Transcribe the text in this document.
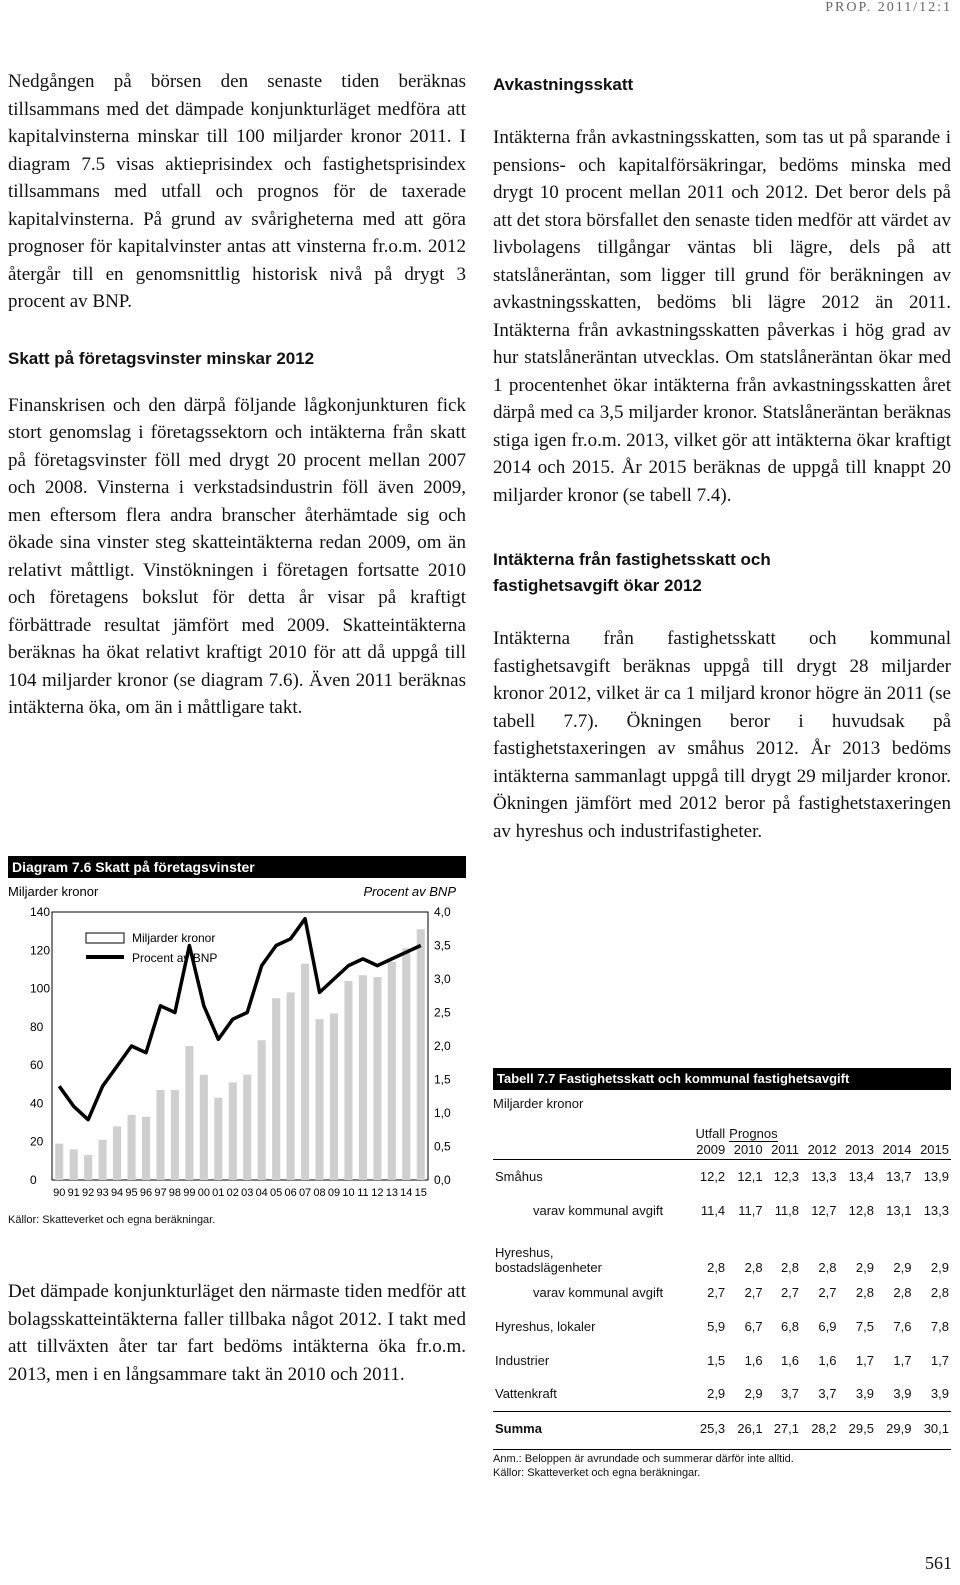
PROP. 2011/12:1

Nedgången på börsen den senaste tiden beräknas tillsammans med det dämpade konjunkturläget medföra att kapitalvinsterna minskar till 100 miljarder kronor 2011. I diagram 7.5 visas aktieprisindex och fastighetsprisindex tillsammans med utfall och prognos för de taxerade kapitalvinsterna. På grund av svårigheterna med att göra prognoser för kapitalvinster antas att vinsterna fr.o.m. 2012 återgår till en genomsnittlig historisk nivå på drygt 3 procent av BNP.

Skatt på företagsvinster minskar 2012

Finanskrisen och den därpå följande lågkonjunkturen fick stort genomslag i företagssektorn och intäkterna från skatt på företagsvinster föll med drygt 20 procent mellan 2007 och 2008. Vinsterna i verkstadsindustrin föll även 2009, men eftersom flera andra branscher återhämtade sig och ökade sina vinster steg skatteintäkterna redan 2009, om än relativt måttligt. Vinstökningen i företagen fortsatte 2010 och företagens bokslut för detta år visar på kraftigt förbättrade resultat jämfört med 2009. Skatteintäkterna beräknas ha ökat relativt kraftigt 2010 för att då uppgå till 104 miljarder kronor (se diagram 7.6). Även 2011 beräknas intäkterna öka, om än i måttligare takt.

Diagram 7.6 Skatt på företagsvinster
Miljarder kronor	Procent av BNP
0
20
40
60
80
100
120
140
0,0
0,5
1,0
1,5
2,0
2,5
3,0
3,5
4,0
90 91 92 93 94 95 96 97 98 99 00 01 02 03 04 05 06 07 08 09 10 11 12 13 14 15
Miljarder kronor
Procent av BNP
Källor: Skatteverket och egna beräkningar.

Det dämpade konjunkturläget den närmaste tiden medför att bolagsskatteintäkterna faller tillbaka något 2012. I takt med att tillväxten åter tar fart bedöms intäkterna öka fr.o.m. 2013, men i en långsammare takt än 2010 och 2011.

Avkastningsskatt

Intäkterna från avkastningsskatten, som tas ut på sparande i pensions- och kapitalförsäkringar, bedöms minska med drygt 10 procent mellan 2011 och 2012. Det beror dels på att det stora börsfallet den senaste tiden medför att värdet av livbolagens tillgångar väntas bli lägre, dels på att statslåneräntan, som ligger till grund för beräkningen av avkastningsskatten, bedöms bli lägre 2012 än 2011. Intäkterna från avkastningsskatten påverkas i hög grad av hur statslåneräntan utvecklas. Om statslåneräntan ökar med 1 procentenhet ökar intäkterna från avkastningsskatten året därpå med ca 3,5 miljarder kronor. Statslåneräntan beräknas stiga igen fr.o.m. 2013, vilket gör att intäkterna ökar kraftigt 2014 och 2015. År 2015 beräknas de uppgå till knappt 20 miljarder kronor (se tabell 7.4).

Intäkterna från fastighetsskatt och fastighetsavgift ökar 2012

Intäkterna från fastighetsskatt och kommunal fastighetsavgift beräknas uppgå till drygt 28 miljarder kronor 2012, vilket är ca 1 miljard kronor högre än 2011 (se tabell 7.7). Ökningen beror i huvudsak på fastighetstaxeringen av småhus 2012. År 2013 bedöms intäkterna sammanlagt uppgå till drygt 29 miljarder kronor. Ökningen jämfört med 2012 beror på fastighetstaxeringen av hyreshus och industrifastigheter.

Tabell 7.7 Fastighetsskatt och kommunal fastighetsavgift
Miljarder kronor
	Utfall	Prognos					
	2009	2010	2011	2012	2013	2014	2015
Småhus	12,2	12,1	12,3	13,3	13,4	13,7	13,9
varav kommunal avgift	11,4	11,7	11,8	12,7	12,8	13,1	13,3
Hyreshus,
bostadslägenheter	2,8	2,8	2,8	2,8	2,9	2,9	2,9
varav kommunal avgift	2,7	2,7	2,7	2,7	2,8	2,8	2,8
Hyreshus, lokaler	5,9	6,7	6,8	6,9	7,5	7,6	7,8
Industrier	1,5	1,6	1,6	1,6	1,7	1,7	1,7
Vattenkraft	2,9	2,9	3,7	3,7	3,9	3,9	3,9
Summa	25,3	26,1	27,1	28,2	29,5	29,9	30,1
Anm.: Beloppen är avrundade och summerar därför inte alltid.
Källor: Skatteverket och egna beräkningar.
561
